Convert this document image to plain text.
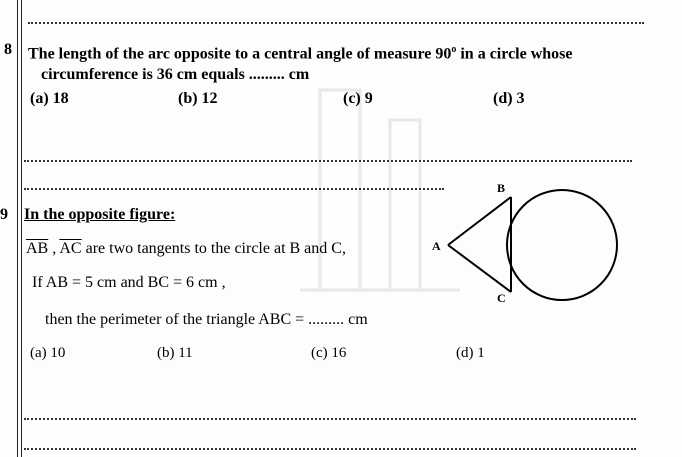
8 The length of the arc opposite to a central angle of measure 90$^o$ in a circle whose
circumference is 36 cm equals ......... cm
(a) 18	(b) 12	(c) 9	(d) 3
9 In the opposite figure:
$\overline{AB}$ , $\overline{AC}$ are two tangents to the circle at B and C,
If AB = 5 cm and BC = 6 cm ,
then the perimeter of the triangle ABC = ......... cm
(a) 10	(b) 11	(c) 16	(d) 1
A
B
C
